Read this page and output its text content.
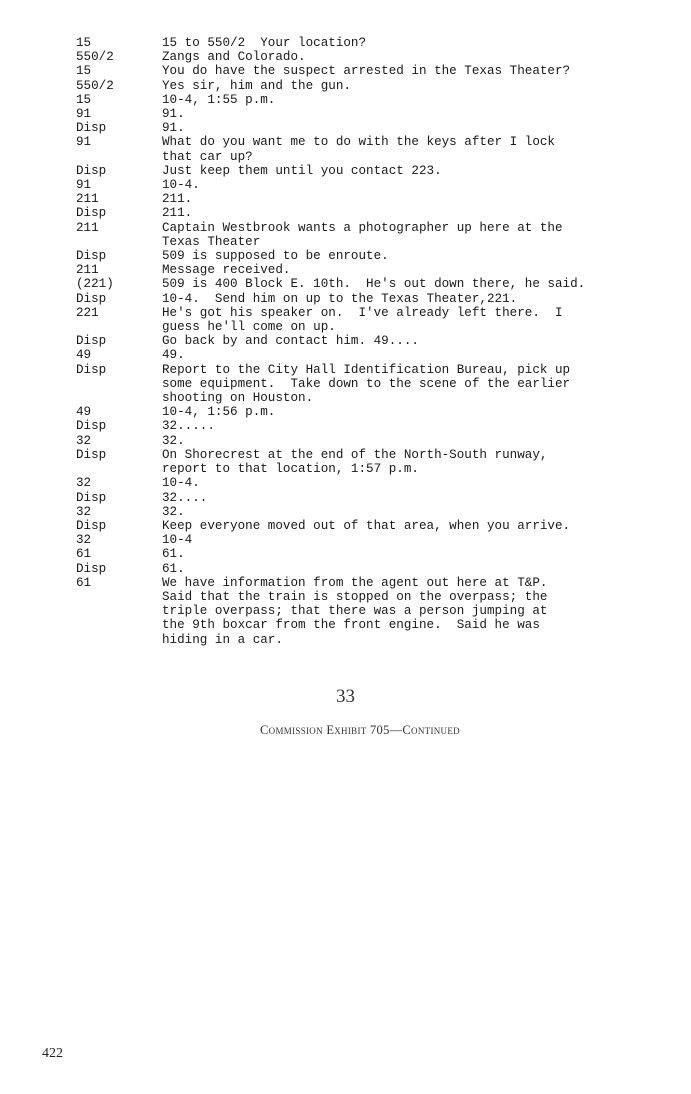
15	15 to 550/2  Your location?
550/2	Zangs and Colorado.
15	You do have the suspect arrested in the Texas Theater?
550/2	Yes sir, him and the gun.
15	10-4, 1:55 p.m.
91	91.
Disp	91.
91	What do you want me to do with the keys after I lock
that car up?
Disp	Just keep them until you contact 223.
91	10-4.
211	211.
Disp	211.
211	Captain Westbrook wants a photographer up here at the
Texas Theater
Disp	509 is supposed to be enroute.
211	Message received.
(221)	509 is 400 Block E. 10th.  He's out down there, he said.
Disp	10-4.  Send him on up to the Texas Theater,221.
221	He's got his speaker on.  I've already left there.  I
guess he'll come on up.
Disp	Go back by and contact him. 49....
49	49.
Disp	Report to the City Hall Identification Bureau, pick up
some equipment.  Take down to the scene of the earlier
shooting on Houston.
49	10-4, 1:56 p.m.
Disp	32.....
32	32.
Disp	On Shorecrest at the end of the North-South runway,
report to that location, 1:57 p.m.
32	10-4.
Disp	32....
32	32.
Disp	Keep everyone moved out of that area, when you arrive.
32	10-4
61	61.
Disp	61.
61	We have information from the agent out here at T&P.
Said that the train is stopped on the overpass; the
triple overpass; that there was a person jumping at
the 9th boxcar from the front engine.  Said he was
hiding in a car.
33
Commission Exhibit 705—Continued
422
